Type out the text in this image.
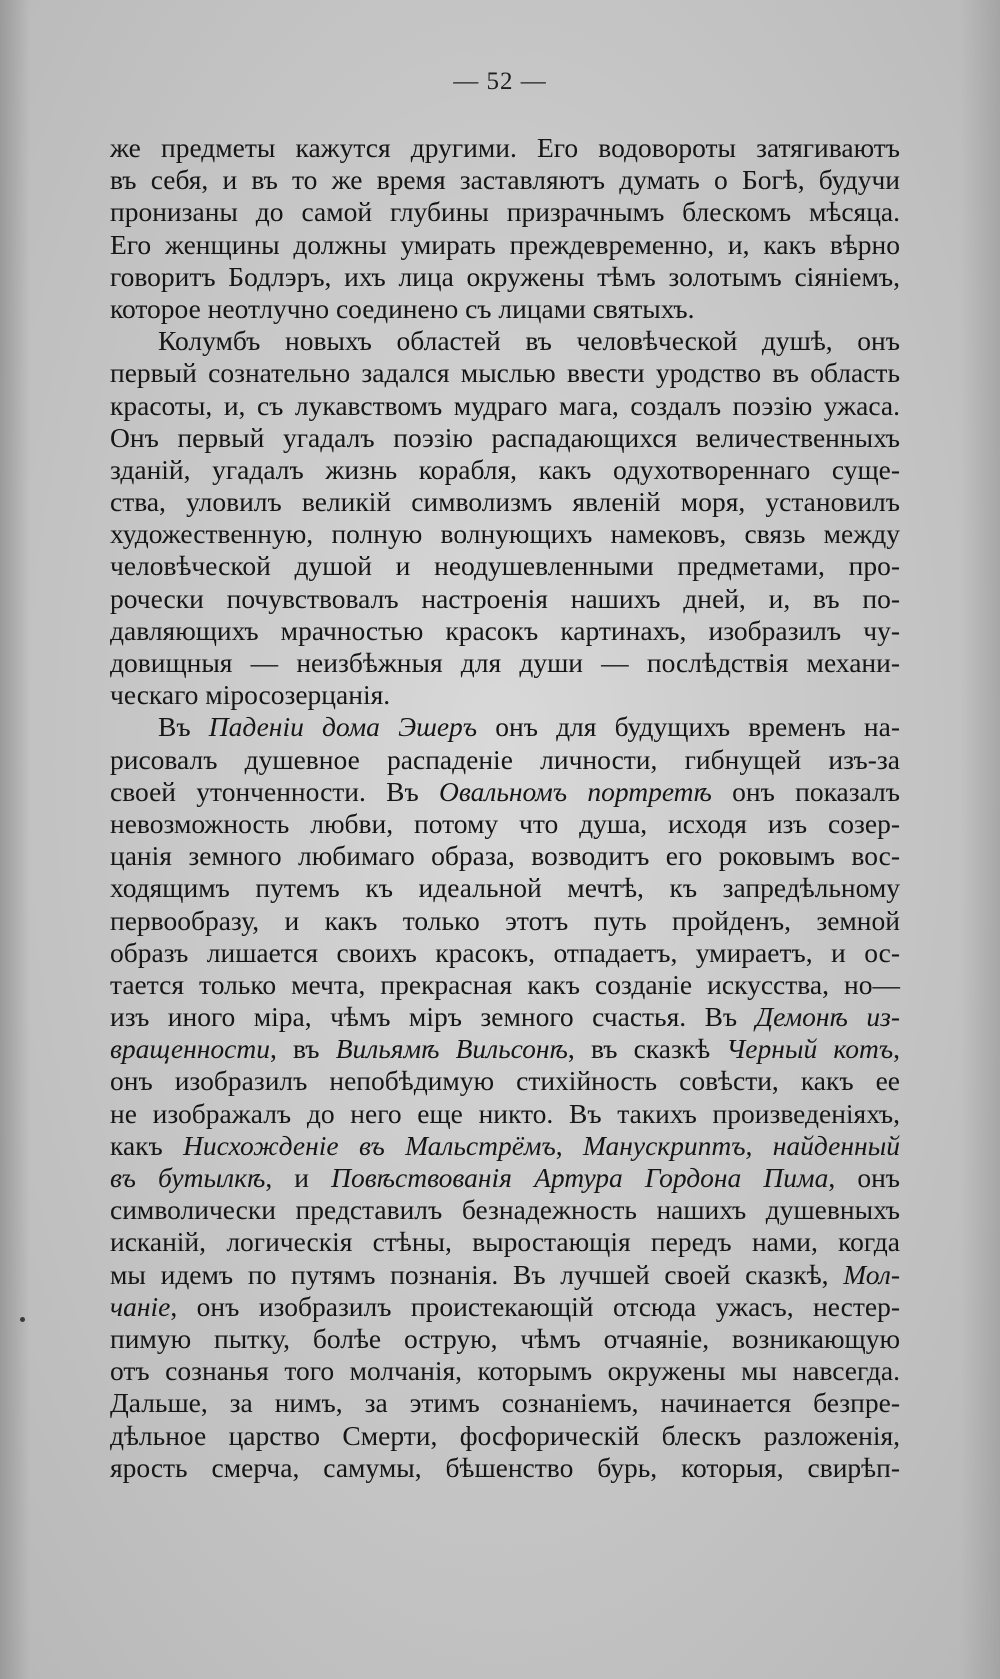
— 52 —
же предметы кажутся другими. Его водовороты затягиваютъ
въ себя, и въ то же время заставляютъ думать о Богѣ, будучи
пронизаны до самой глубины призрачнымъ блескомъ мѣсяца.
Его женщины должны умирать преждевременно, и, какъ вѣрно
говоритъ Бодлэръ, ихъ лица окружены тѣмъ золотымъ сіяніемъ,
которое неотлучно соединено съ лицами святыхъ.
Колумбъ новыхъ областей въ человѣческой душѣ, онъ
первый сознательно задался мыслью ввести уродство въ область
красоты, и, съ лукавствомъ мудраго мага, создалъ поэзію ужаса.
Онъ первый угадалъ поэзію распадающихся величественныхъ
зданій, угадалъ жизнь корабля, какъ одухотвореннаго суще-
ства, уловилъ великій символизмъ явленій моря, установилъ
художественную, полную волнующихъ намековъ, связь между
человѣческой душой и неодушевленными предметами, про-
рочески почувствовалъ настроенія нашихъ дней, и, въ по-
давляющихъ мрачностью красокъ картинахъ, изобразилъ чу-
довищныя — неизбѣжныя для души — послѣдствія механи-
ческаго міросозерцанія.
Въ Паденіи дома Эшеръ онъ для будущихъ временъ на-
рисовалъ душевное распаденіе личности, гибнущей изъ-за
своей утонченности. Въ Овальномъ портретѣ онъ показалъ
невозможность любви, потому что душа, исходя изъ созер-
цанія земного любимаго образа, возводитъ его роковымъ вос-
ходящимъ путемъ къ идеальной мечтѣ, къ запредѣльному
первообразу, и какъ только этотъ путь пройденъ, земной
образъ лишается своихъ красокъ, отпадаетъ, умираетъ, и ос-
тается только мечта, прекрасная какъ созданіе искусства, но—
изъ иного міра, чѣмъ міръ земного счастья. Въ Демонѣ из-
вращенности, въ Вильямѣ Вильсонѣ, въ сказкѣ Черный котъ,
онъ изобразилъ непобѣдимую стихійность совѣсти, какъ ее
не изображалъ до него еще никто. Въ такихъ произведеніяхъ,
какъ Нисхожденіе въ Мальстрёмъ, Манускриптъ, найденный
въ бутылкѣ, и Повѣствованія Артура Гордона Пима, онъ
символически представилъ безнадежность нашихъ душевныхъ
исканій, логическія стѣны, выростающія передъ нами, когда
мы идемъ по путямъ познанія. Въ лучшей своей сказкѣ, Мол-
чаніе, онъ изобразилъ проистекающій отсюда ужасъ, нестер-
пимую пытку, болѣе острую, чѣмъ отчаяніе, возникающую
отъ сознанья того молчанія, которымъ окружены мы навсегда.
Дальше, за нимъ, за этимъ сознаніемъ, начинается безпре-
дѣльное царство Смерти, фосфорическій блескъ разложенія,
ярость смерча, самумы, бѣшенство бурь, которыя, свирѣп-
